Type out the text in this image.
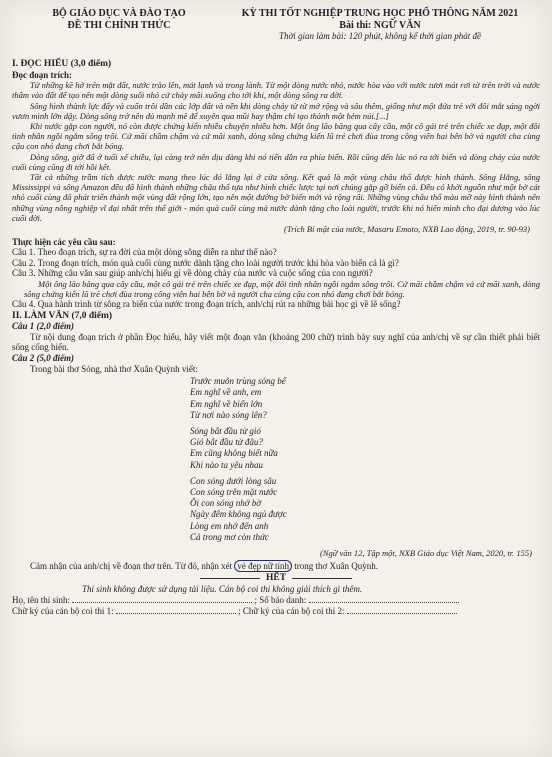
BỘ GIÁO DỤC VÀ ĐÀO TẠO
ĐỀ THI CHÍNH THỨC
KỲ THI TỐT NGHIỆP TRUNG HỌC PHỔ THÔNG NĂM 2021
Bài thi: NGỮ VĂN
Thời gian làm bài: 120 phút, không kể thời gian phát đề
I. ĐỌC HIỂU (3,0 điểm)
Đọc đoạn trích:

Từ những kẽ hở trên mặt đất, nước trào lên, mát lạnh và trong lành. Từ một dòng nước nhỏ, nước hòa vào với nước tươi mát rơi từ trên trời và nước thấm vào đất để tạo nên một dòng suối nhỏ cứ chảy mãi xuống cho tới khi, một dòng sông ra đời.

Sông hình thành lực đẩy và cuốn trôi dần các lớp đất và nền khi dòng chảy từ từ mở rộng và sâu thêm, giống như một đứa trẻ với đôi mắt sáng ngời vươn mình lớn dậy. Dòng sông trở nên đủ mạnh mẽ để xuyên qua mũi hay thậm chí tạo thành một hẻm núi.[...]

Khi nước gặp con người, nó còn được chứng kiến nhiều chuyện nhiều hơn. Một ông lão băng qua cây cầu, một cô gái trẻ trên chiếc xe đạp, một đôi tình nhân ngồi ngắm sông trôi. Cứ mãi chầm chậm và cứ mãi xanh, dòng sông chứng kiến lũ trẻ chơi đùa trong công viên hai bên bờ và người cha cùng cậu con nhỏ đang chơi bắt bóng.

Dòng sông, giờ đã ở tuổi xế chiều, lại càng trở nên dịu dàng khi nó tiến dần ra phía biển. Rồi cũng đến lúc nó ra tới biển và dòng chảy của nước cuối cùng cũng đi tới hồi kết.

Tất cả những trầm tích được nước mang theo lúc đó lắng lại ở cửa sông. Kết quả là một vùng châu thổ được hình thành. Sông Hằng, sông Mississippi và sông Amazon đều đã hình thành những châu thổ tựa như hình chiếc lược tại nơi chúng gặp gỡ biển cả. Đều có khởi nguồn như một bờ cát nhỏ cuối cùng đã phát triển thành một vùng đất rộng lớn, tạo nên một đường bờ biển mới và rộng rãi. Những vùng châu thổ màu mỡ này hình thành nên những vùng nông nghiệp vĩ đại nhất trên thế giới - món quà cuối cùng mà nước dành tặng cho loài người, trước khi nó hiến mình cho đại dương vào lúc cuối đời.

(Trích Bí mật của nước, Masaru Emoto, NXB Lao động, 2019, tr. 90-93)
Thực hiện các yêu cầu sau:

Câu 1. Theo đoạn trích, sự ra đời của một dòng sông diễn ra như thế nào?

Câu 2. Trong đoạn trích, món quà cuối cùng nước dành tặng cho loài người trước khi hòa vào biển cả là gì?

Câu 3. Những câu văn sau giúp anh/chị hiểu gì về dòng chảy của nước và cuộc sống của con người?

Một ông lão băng qua cây cầu, một cô gái trẻ trên chiếc xe đạp, một đôi tình nhân ngồi ngắm sông trôi. Cứ mãi chầm chậm và cứ mãi xanh, dòng sông chứng kiến lũ trẻ chơi đùa trong công viên hai bên bờ và người cha cùng cậu con nhỏ đang chơi bắt bóng.

Câu 4. Qua hành trình từ sông ra biển của nước trong đoạn trích, anh/chị rút ra những bài học gì về lẽ sống?

II. LÀM VĂN (7,0 điểm)
Câu 1 (2,0 điểm)

Từ nội dung đoạn trích ở phần Đọc hiểu, hãy viết một đoạn văn (khoảng 200 chữ) trình bày suy nghĩ của anh/chị về sự cần thiết phải biết sống cống hiến.

Câu 2 (5,0 điểm)

Trong bài thơ Sóng, nhà thơ Xuân Quỳnh viết:

Trước muôn trùng sóng bể
Em nghĩ về anh, em
Em nghĩ về biển lớn
Từ nơi nào sóng lên?
Sóng bắt đầu từ gió
Gió bắt đầu từ đâu?
Em cũng không biết nữa
Khi nào ta yêu nhau
Con sóng dưới lòng sâu
Con sóng trên mặt nước
Ôi con sóng nhớ bờ
Ngày đêm không ngủ được
Lòng em nhớ đến anh
Cả trong mơ còn thức
(Ngữ văn 12, Tập một, NXB Giáo dục Việt Nam, 2020, tr. 155)

Cảm nhận của anh/chị về đoạn thơ trên. Từ đó, nhận xét vẻ đẹp nữ tính trong thơ Xuân Quỳnh.

HẾT

Thí sinh không được sử dụng tài liệu. Cán bộ coi thi không giải thích gì thêm.

Họ, tên thí sinh:	; Số báo danh:

Chữ ký của cán bộ coi thi 1:	; Chữ ký của cán bộ coi thi 2:
